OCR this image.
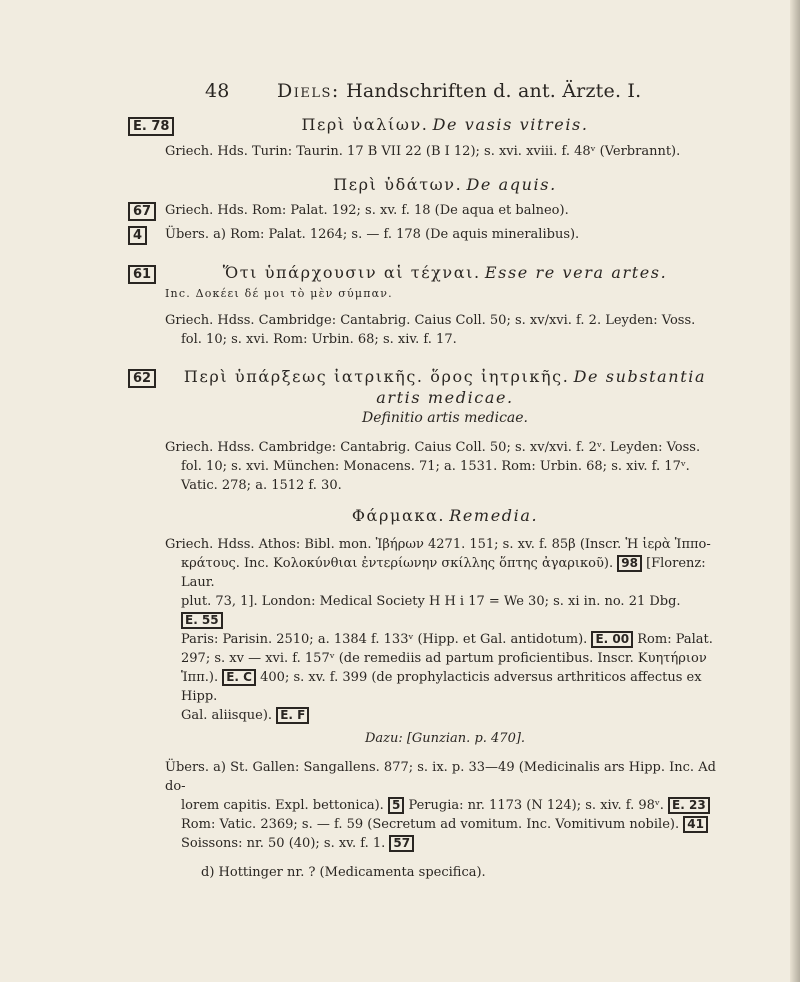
48 Diels: Handschriften d. ant. Ärzte. I.
E. 78	Περὶ ὑαλίων. De vasis vitreis.

Griech. Hds. Turin: Taurin. 17 B VII 22 (B I 12); s. xvi. xviii. f. 48ᵛ (Verbrannt).

Περὶ ὑδάτων. De aquis.

Griech. Hds. Rom: Palat. 192; s. xv. f. 18 (De aqua et balneo).

Übers. a) Rom: Palat. 1264; s. — f. 178 (De aquis mineralibus).

67
4
61	Ὅτι ὑπάρχουσιν αἱ τέχναι. Esse re vera artes.

Inc. Δοκέει δέ μοι τὸ μὲν σύμπαν.

Griech. Hdss. Cambridge: Cantabrig. Caius Coll. 50; s. xv/xvi. f. 2. Leyden: Voss.

fol. 10; s. xvi. Rom: Urbin. 68; s. xiv. f. 17.

62	Περὶ ὑπάρξεως ἰατρικῆς. ὅρος ἰητρικῆς. De substantia artis medicae.

Definitio artis medicae.

Griech. Hdss. Cambridge: Cantabrig. Caius Coll. 50; s. xv/xvi. f. 2ᵛ. Leyden: Voss.

fol. 10; s. xvi. München: Monacens. 71; a. 1531. Rom: Urbin. 68; s. xiv. f. 17ᵛ.

Vatic. 278; a. 1512 f. 30.

Φάρμακα. Remedia.

Griech. Hdss. Athos: Bibl. mon. Ἰβήρων 4271. 151; s. xv. f. 85β (Inscr. Ἡ ἱερὰ Ἱππο-

κράτους. Inc. Κολοκύνθιαι ἐντερίωνην σκίλλης ὅπτης ἀγαρικοῦ). 98 [Florenz: Laur.

plut. 73, 1]. London: Medical Society H H i 17 = We 30; s. xi in. no. 21 Dbg. E. 55

Paris: Parisin. 2510; a. 1384 f. 133ᵛ (Hipp. et Gal. antidotum). E. 00 Rom: Palat.

297; s. xv — xvi. f. 157ᵛ (de remediis ad partum proficientibus. Inscr. Κυητήριον

Ἱππ.). E. C 400; s. xv. f. 399 (de prophylacticis adversus arthriticos affectus ex Hipp.

Gal. aliisque). E. F

Dazu: [Gunzian. p. 470].

Übers. a) St. Gallen: Sangallens. 877; s. ix. p. 33—49 (Medicinalis ars Hipp. Inc. Ad do-

lorem capitis. Expl. bettonica). 5 Perugia: nr. 1173 (N 124); s. xiv. f. 98ᵛ. E. 23

Rom: Vatic. 2369; s. — f. 59 (Secretum ad vomitum. Inc. Vomitivum nobile). 41

Soissons: nr. 50 (40); s. xv. f. 1. 57

d) Hottinger nr. ? (Medicamenta specifica).
